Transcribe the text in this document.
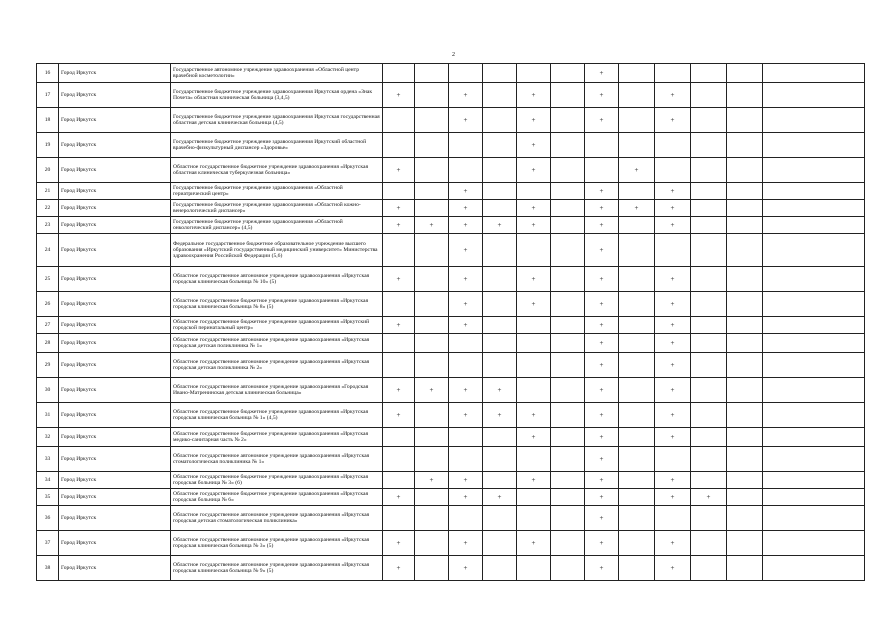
2
16	Город Иркутск	Государственное автономное учреждение здравоохранения «Областной центр врачебной косметологии»							+					
17	Город Иркутск	Государственное бюджетное учреждение здравоохранения Иркутская ордена «Знак Почета» областная клиническая больница (3,4,5)	+		+		+		+		+			
18	Город Иркутск	Государственное бюджетное учреждение здравоохранения Иркутская государственная областная детская клиническая больница (4,5)			+		+		+		+			
19	Город Иркутск	Государственное бюджетное учреждение здравоохранения Иркутский областной врачебно-физкультурный диспансер «Здоровье»					+							
20	Город Иркутск	Областное государственное бюджетное учреждение здравоохранения «Иркутская областная клиническая туберкулезная больница»	+				+			+				
21	Город Иркутск	Государственное бюджетное учреждение здравоохранения «Областной гериатрический центр»			+				+		+			
22	Город Иркутск	Государственное бюджетное учреждение здравоохранения «Областной кожно-венерологический диспансер»	+		+		+		+	+	+			
23	Город Иркутск	Государственное бюджетное учреждение здравоохранения «Областной онкологический диспансер» (4,5)	+	+	+	+	+		+		+			
24	Город Иркутск	Федеральное государственное бюджетное образовательное учреждение высшего образования «Иркутский государственный медицинский университет» Министерства здравоохранения Российской Федерации (5,6)			+				+					
25	Город Иркутск	Областное государственное автономное учреждение здравоохранения «Иркутская городская клиническая больница № 10» (5)	+		+		+		+		+			
26	Город Иркутск	Областное государственное бюджетное учреждение здравоохранения «Иркутская городская клиническая больница № 8» (5)			+		+		+		+			
27	Город Иркутск	Областное государственное бюджетное учреждение здравоохранения «Иркутский городской перинатальный центр»	+		+				+		+			
28	Город Иркутск	Областное государственное автономное учреждение здравоохранения «Иркутская городская детская поликлиника № 1»							+		+			
29	Город Иркутск	Областное государственное автономное учреждение здравоохранения «Иркутская городская детская поликлиника № 2»							+		+			
30	Город Иркутск	Областное государственное автономное учреждение здравоохранения «Городская Ивано-Матренинская детская клиническая больница»	+	+	+	+			+		+			
31	Город Иркутск	Областное государственное бюджетное учреждение здравоохранения «Иркутская городская клиническая больница № 1» (4,5)	+		+	+	+		+		+			
32	Город Иркутск	Областное государственное бюджетное учреждение здравоохранения «Иркутская медико-санитарная часть № 2»					+		+		+			
33	Город Иркутск	Областное государственное автономное учреждение здравоохранения «Иркутская стоматологическая поликлиника № 1»							+					
34	Город Иркутск	Областное государственное бюджетное учреждение здравоохранения «Иркутская городская больница № 3» (6)		+	+		+		+		+			
35	Город Иркутск	Областное государственное бюджетное учреждение здравоохранения «Иркутская городская больница № 6»	+		+	+			+		+	+		
36	Город Иркутск	Областное государственное автономное учреждение здравоохранения «Иркутская городская детская стоматологическая поликлиника»							+					
37	Город Иркутск	Областное государственное автономное учреждение здравоохранения «Иркутская городская клиническая больница № 3» (5)	+		+		+		+		+			
38	Город Иркутск	Областное государственное автономное учреждение здравоохранения «Иркутская городская клиническая больница № 9» (5)	+		+				+		+			
